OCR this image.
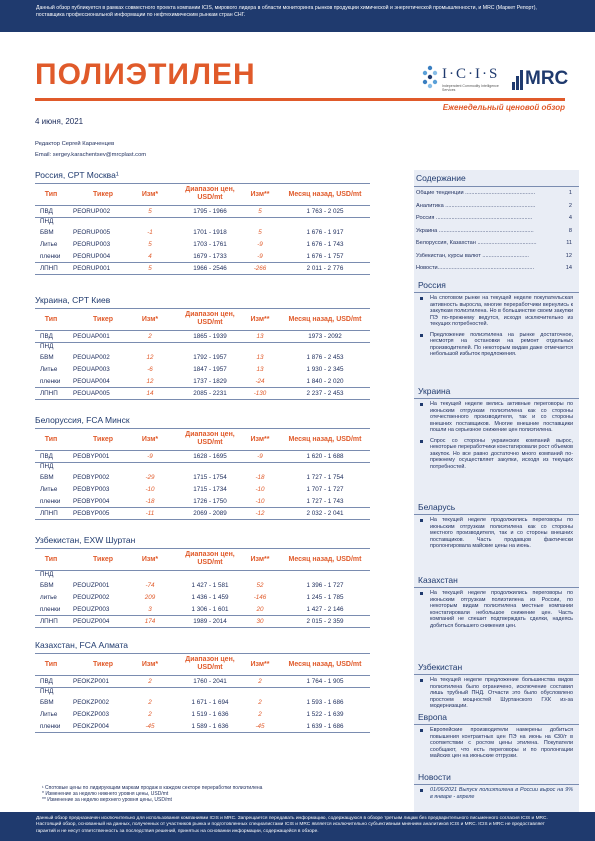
Данный обзор публикуется в рамках совместного проекта компании ICIS, мирового лидера в области мониторинга рынков продукции химической и энергетической промышленности, и MRC (Маркет Репорт), поставщика профессиональной информации по нефтехимическим рынкам стран СНГ.
ПОЛИЭТИЛЕН
Еженедельный ценовой обзор
4 июня, 2021
Редактор Сергей Караченцев
Email: sergey.karachentsev@mrcplast.com
I·C·I·S
Independent Commodity Intelligence Services
MRC
Россия, CPT Москва¹
Тип	Тикер	Изм*
Диапазон цен, USD/mt	Изм**	Месяц назад, USD/mt
ПВД	PEORUP002	5	1795 - 1966	5	1 763 - 2 025
ПНД
БВМ	PEORUP005	-1	1701 - 1918	5	1 676 - 1 917
Литье	PEORUP003	5	1703 - 1761	-9	1 676 - 1 743
пленки	PEORUP004	4	1679 - 1733	-9	1 676 - 1 757
ЛПНП	PEORUP001	5	1966 - 2546	-266	2 011 - 2 776
Украина, CPT Киев
Тип	Тикер	Изм*
Диапазон цен, USD/mt	Изм**	Месяц назад, USD/mt
ПВД	PEOUAP001	2	1865 - 1939	13	1973 - 2092
ПНД
БВМ	PEOUAP002	12	1792 - 1957	13	1 876 - 2 453
Литье	PEOUAP003	-6	1847 - 1957	13	1 930 - 2 345
пленки	PEOUAP004	12	1737 - 1829	-24	1 840 - 2 020
ЛПНП	PEOUAP005	14	2085 - 2231	-130	2 237 - 2 453
Белоруссия, FCA Минск
Тип	Тикер	Изм*
Диапазон цен, USD/mt	Изм**	Месяц назад, USD/mt
ПВД	PEOBYP001	-9	1628 - 1695	-9	1 620 - 1 688
ПНД
БВМ	PEOBYP002	-29	1715 - 1754	-18	1 727 - 1 754
Литье	PEOBYP003	-10	1715 - 1734	-10	1 707 - 1 727
пленки	PEOBYP004	-18	1726 - 1750	-10	1 727 - 1 743
ЛПНП	PEOBYP005	-11	2069 - 2089	-12	2 032 - 2 041
Узбекистан, EXW Шуртан
Тип	Тикер	Изм*
Диапазон цен, USD/mt	Изм**	Месяц назад, USD/mt
ПНД
БВМ	PEOUZP001	-74	1 427 - 1 581	52	1 396 - 1 727
литье	PEOUZP002	209	1 436 - 1 459	-146	1 245 - 1 785
пленки	PEOUZP003	3	1 306 - 1 601	20	1 427 - 2 146
ЛПНП	PEOUZP004	174	1989 - 2014	30	2 015 - 2 359
Казахстан, FCA Алмата
Тип	Тикер	Изм*
Диапазон цен, USD/mt	Изм**	Месяц назад, USD/mt
ПВД	PEOKZP001	2	1760 - 2041	2	1 764 - 1 905
ПНД
БВМ	PEOKZP002	2	1 671 - 1 694	2	1 593 - 1 686
Литье	PEOKZP003	2	1 519 - 1 636	2	1 522 - 1 639
пленки	PEOKZP004	-45	1 589 - 1 636	-45	1 639 - 1 686
¹ Спотовые цены по лидирующим маркам продаж в каждом секторе переработки полиэтилена
* Изменение за неделю нижнего уровня цены, USD/mt
** Изменение за неделю верхнего уровня цены, USD/mt
Содержание
Общие тенденции .............................................	1
Аналитика ..........................................................	2
Россия ..............................................................	4
Украина .............................................................	8
Белоруссия, Казахстан ......................................	11
Узбекистан, курсы валют ..............................	12
Новости..............................................................	14
Россия
На спотовом рынке на текущей неделе покупательская активность выросла, многие переработчики вернулись к закупкам полиэтилена. Но в большинстве своем закупки ПЭ по-прежнему ведутся, исходя исключительно из текущих потребностей.
Предложение полиэтилена на рынке достаточное, несмотря на остановки на ремонт отдельных производителей. По некоторым видам даже отмечается небольшой избыток предложения.
Украина
На текущей неделе велись активные переговоры по июньским отгрузкам полиэтилена как со стороны отечественного производителя, так и со стороны внешних поставщиков. Многие внешние поставщики пошли на серьезное снижение цен полиэтилена.
Спрос со стороны украинских компаний вырос, некоторые переработчики констатировали рост объемов закупок. Но все равно достаточно много компаний по-прежнему осуществляет закупки, исходя из текущих потребностей.
Беларусь
На текущей неделе продолжились переговоры по июньским отгрузкам полиэтилена как со стороны местного производителя, так и со стороны внешних поставщиков. Часть продавцов фактически пролонгировала майские цены на июнь.
Казахстан
На текущей неделе продолжились переговоры по июньским отгрузкам полиэтилена из России, по некоторым видам полиэтилена местные компании констатировали небольшое снижение цен. Часть компаний не спешит подтверждать сделки, надеясь добиться большего снижения цен.
Узбекистан
На текущей неделе предложение большинства видов полиэтилена было ограничено, исключение составил лишь трубный ПНД. Отчасти это было обусловлено простоем мощностей Шуртанского ГХК из-за модернизации.
Европа
Европейские производители намерены добиться повышения контрактных цен ПЭ на июнь на €30/т в соответствии с ростом цены этилена. Покупатели сообщают, что есть переговоры и по пролонгации майских цен на июньские отгрузки.
Новости
01/06/2021 Выпуск полиэтилена в России вырос на 9% в январе - апреле
Данный обзор предназначен исключительно для использования компаниями ICIS и MRC. Запрещается передавать информацию, содержащуюся в обзоре третьим лицам без предварительного письменного согласия ICIS и MRC. Настоящий обзор, основанный на данных, полученных от участников рынка и подготовленных специалистами ICIS и MRC является исключительно субъективным мнением аналитиков ICIS и MRC. ICIS и MRC не предоставляет гарантий и не несут ответственность за последствия решений, принятых на основании информации, содержащейся в обзоре.
